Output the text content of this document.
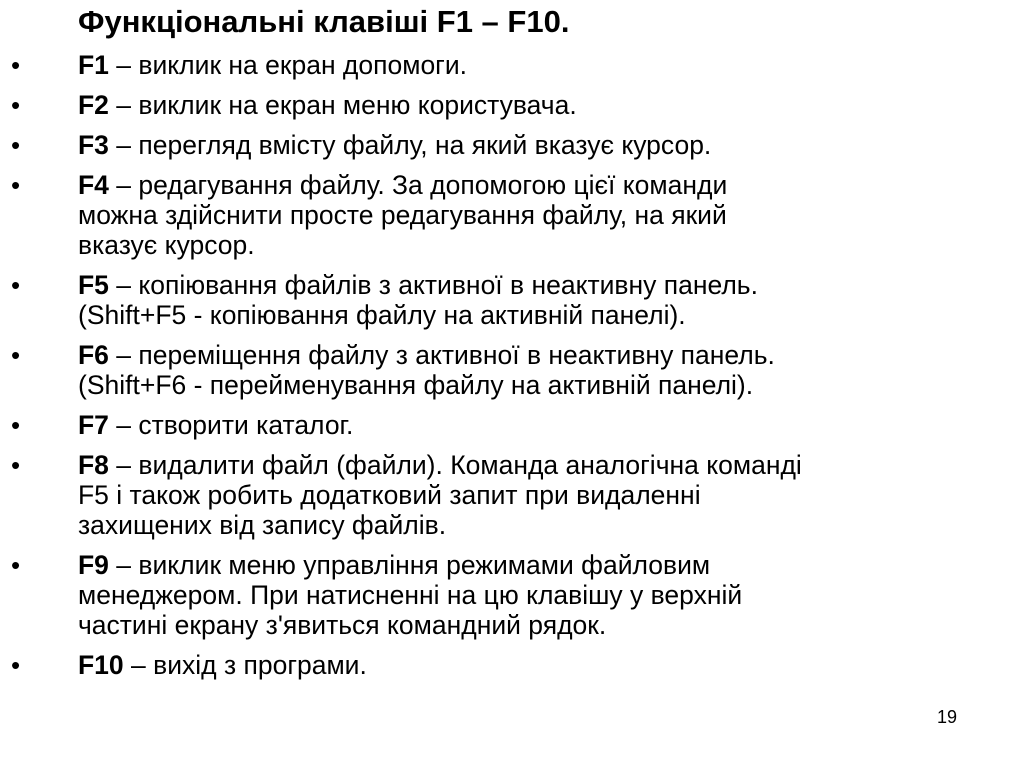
Функціональні клавіші F1 – F10.
• F1 – виклик на екран допомоги.
• F2 – виклик на екран меню користувача.
• F3 – перегляд вмісту файлу, на який вказує курсор.
• F4 – редагування файлу. За допомогою цієї команди
можна здійснити просте редагування файлу, на який
вказує курсор.
• F5 – копіювання файлів з активної в неактивну панель.
(Shift+F5 - копіювання файлу на активній панелі).
• F6 – переміщення файлу з активної в неактивну панель.
(Shift+F6 - перейменування файлу на активній панелі).
• F7 – створити каталог.
• F8 – видалити файл (файли). Команда аналогічна команді
F5 і також робить додатковий запит при видаленні
захищених від запису файлів.
• F9 – виклик меню управління режимами файловим
менеджером. При натисненні на цю клавішу у верхній
частині екрану з'явиться командний рядок.
• F10 – вихід з програми.
19
